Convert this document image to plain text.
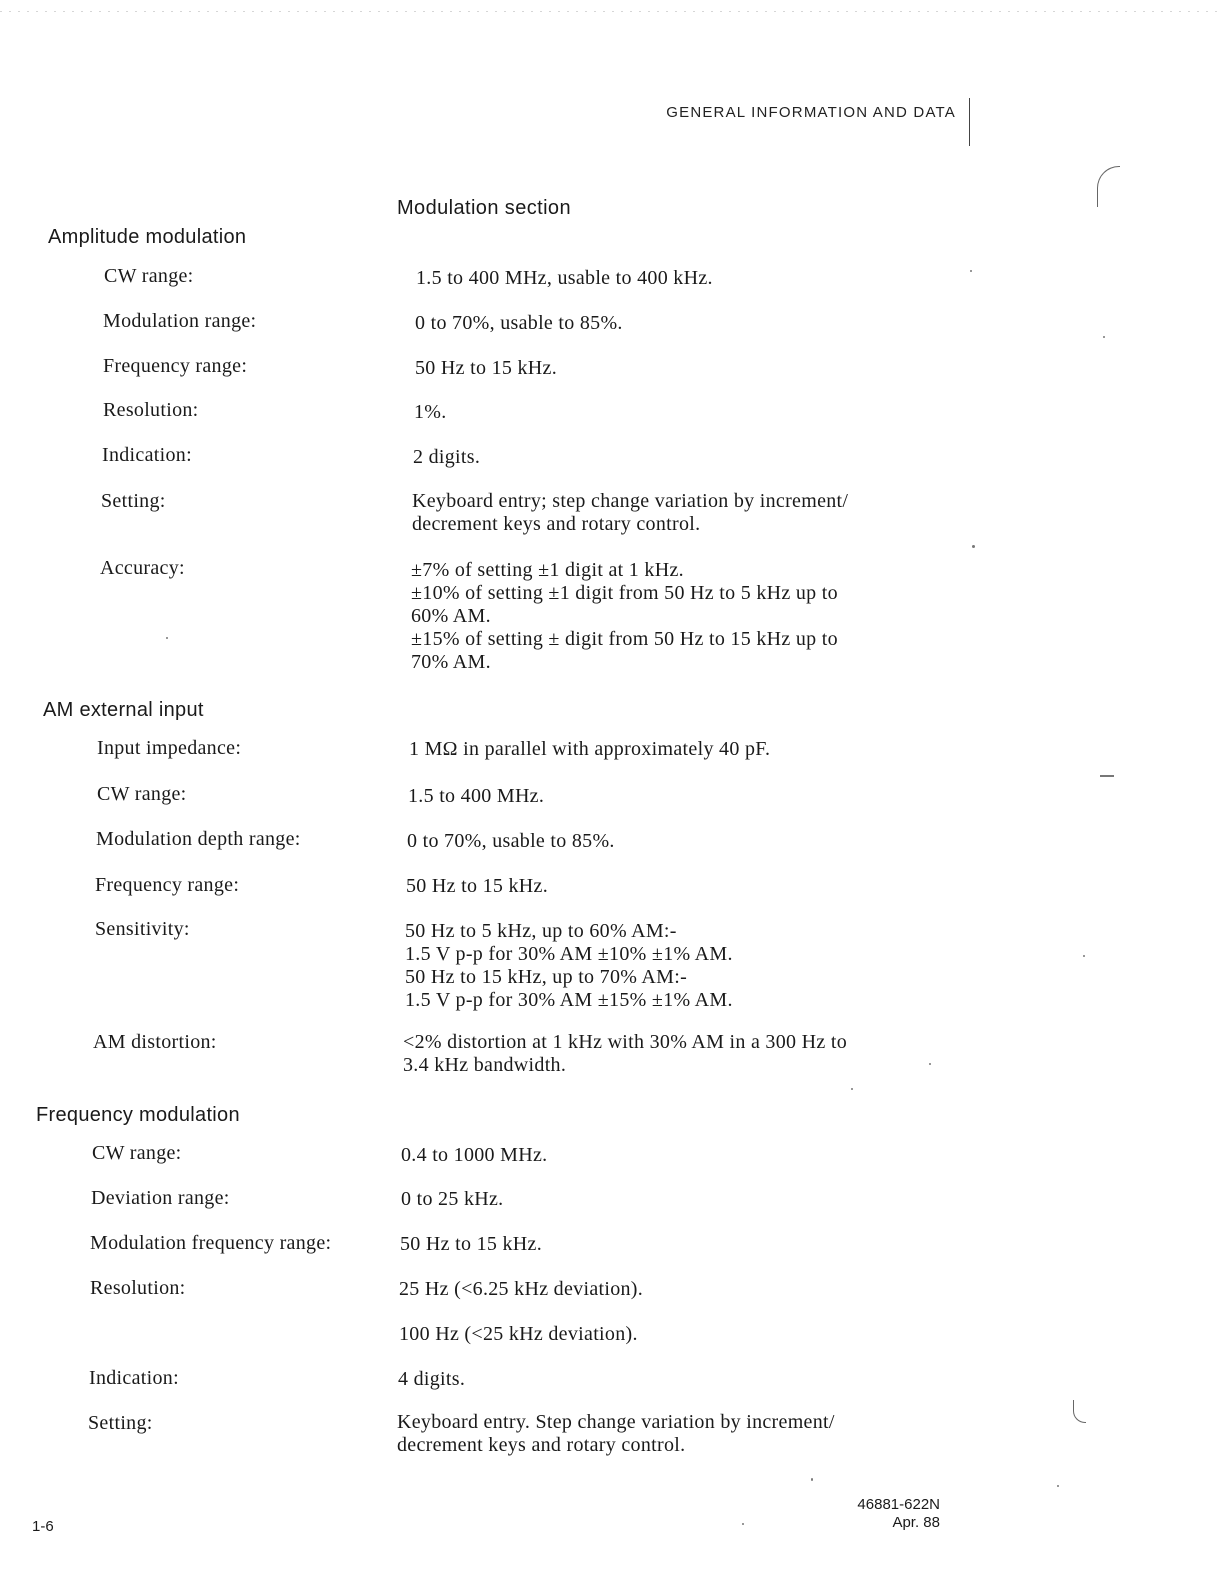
GENERAL INFORMATION AND DATA
Modulation section
Amplitude modulation
CW range:	1.5 to 400 MHz, usable to 400 kHz.
Modulation range:	0 to 70%, usable to 85%.
Frequency range:	50 Hz to 15 kHz.
Resolution:	1%.
Indication:	2 digits.
Setting:	Keyboard entry; step change variation by increment/
decrement keys and rotary control.
Accuracy:	±7% of setting ±1 digit at 1 kHz.
±10% of setting ±1 digit from 50 Hz to 5 kHz up to
60% AM.
±15% of setting ± digit from 50 Hz to 15 kHz up to
70% AM.
AM external input
Input impedance:	1 MΩ in parallel with approximately 40 pF.
CW range:	1.5 to 400 MHz.
Modulation depth range:	0 to 70%, usable to 85%.
Frequency range:	50 Hz to 15 kHz.
Sensitivity:	50 Hz to 5 kHz, up to 60% AM:-
1.5 V p-p for 30% AM ±10% ±1% AM.
50 Hz to 15 kHz, up to 70% AM:-
1.5 V p-p for 30% AM ±15% ±1% AM.
AM distortion:	<2% distortion at 1 kHz with 30% AM in a 300 Hz to
3.4 kHz bandwidth.
Frequency modulation
CW range:	0.4 to 1000 MHz.
Deviation range:	0 to 25 kHz.
Modulation frequency range:	50 Hz to 15 kHz.
Resolution:	25 Hz (<6.25 kHz deviation).
100 Hz (<25 kHz deviation).
Indication:	4 digits.
Setting:	Keyboard entry. Step change variation by increment/
decrement keys and rotary control.
1-6
46881-622N
Apr. 88
